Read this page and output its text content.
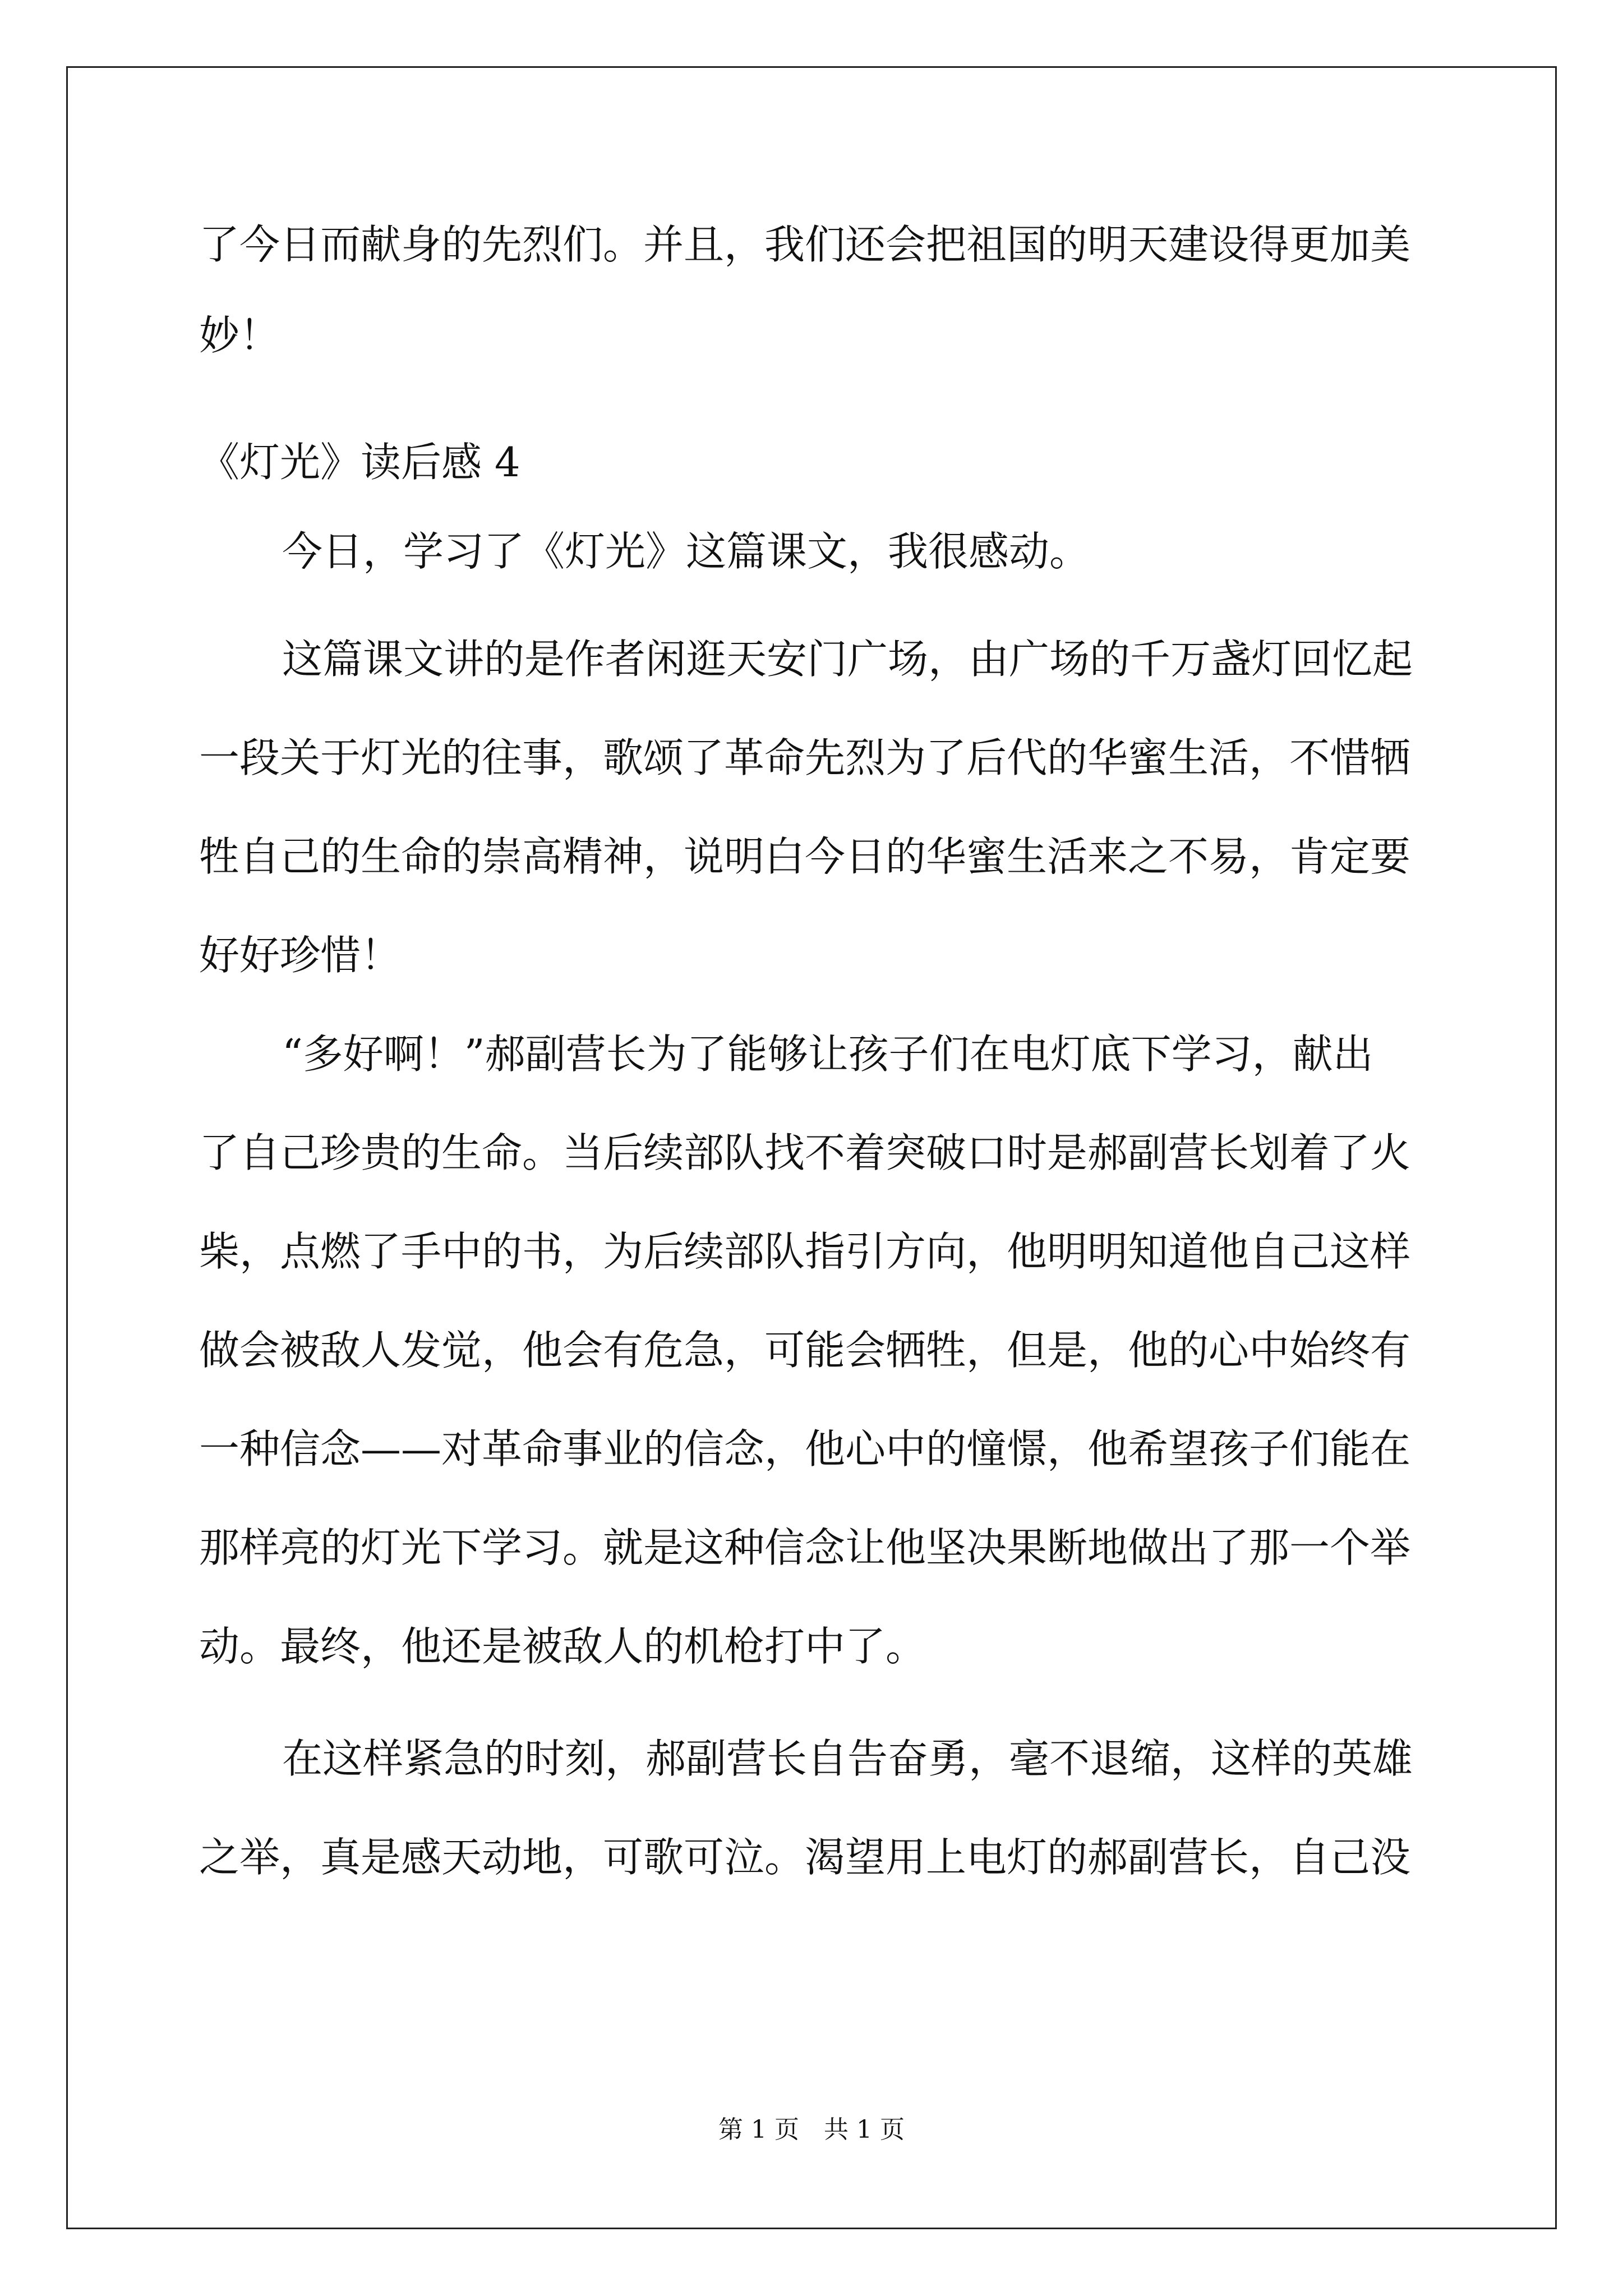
了今日而献身的先烈们。并且，我们还会把祖国的明天建设得更加美
妙！
《灯光》读后感 4
今日，学习了《灯光》这篇课文，我很感动。
这篇课文讲的是作者闲逛天安门广场，由广场的千万盏灯回忆起
一段关于灯光的往事，歌颂了革命先烈为了后代的华蜜生活，不惜牺
牲自己的生命的崇高精神，说明白今日的华蜜生活来之不易，肯定要
好好珍惜！
“多好啊！”郝副营长为了能够让孩子们在电灯底下学习，献出
了自己珍贵的生命。当后续部队找不着突破口时是郝副营长划着了火
柴，点燃了手中的书，为后续部队指引方向，他明明知道他自己这样
做会被敌人发觉，他会有危急，可能会牺牲，但是，他的心中始终有
一种信念——对革命事业的信念，他心中的憧憬，他希望孩子们能在
那样亮的灯光下学习。就是这种信念让他坚决果断地做出了那一个举
动。最终，他还是被敌人的机枪打中了。
在这样紧急的时刻，郝副营长自告奋勇，毫不退缩，这样的英雄
之举，真是感天动地，可歌可泣。渴望用上电灯的郝副营长，自己没
第 1 页　共 1 页
